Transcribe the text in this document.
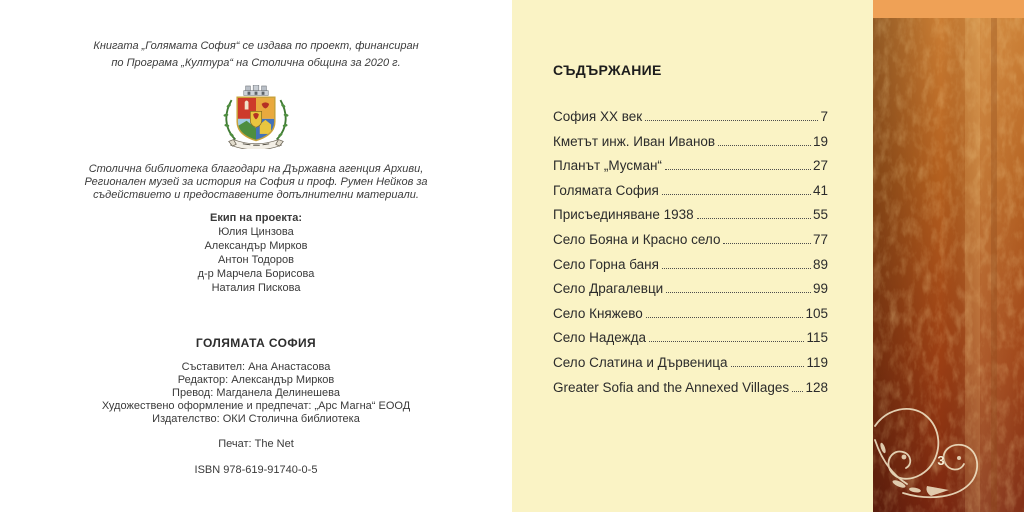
Книгата „Голямата София“ се издава по проект, финансиран
по Програма „Култура“ на Столична община за 2020 г.
Столична библиотека благодари на Държавна агенция Архиви,
Регионален музей за история на София и проф. Румен Нейков за
съдействието и предоставените допълнителни материали.
Екип на проекта:
Юлия Цинзова
Александър Мирков
Антон Тодоров
д-р Марчела Борисова
Наталия Пискова
ГОЛЯМАТА СОФИЯ
Съставител: Ана Анастасова
Редактор: Александър Мирков
Превод: Магданела Делинешева
Художествено оформление и предпечат: „Арс Магна“ ЕООД
Издателство: ОКИ Столична библиотека
Печат: The Net
ISBN 978-619-91740-0-5
СЪДЪРЖАНИЕ
София ХХ век	7
Кметът инж. Иван Иванов	19
Планът „Мусман“	27
Голямата София	41
Присъединяване 1938	55
Село Бояна и Красно село	77
Село Горна баня	89
Село Драгалевци	99
Село Княжево	105
Село Надежда	115
Село Слатина и Дървеница	119
Greater Sofia and the Annexed Villages 128
3
